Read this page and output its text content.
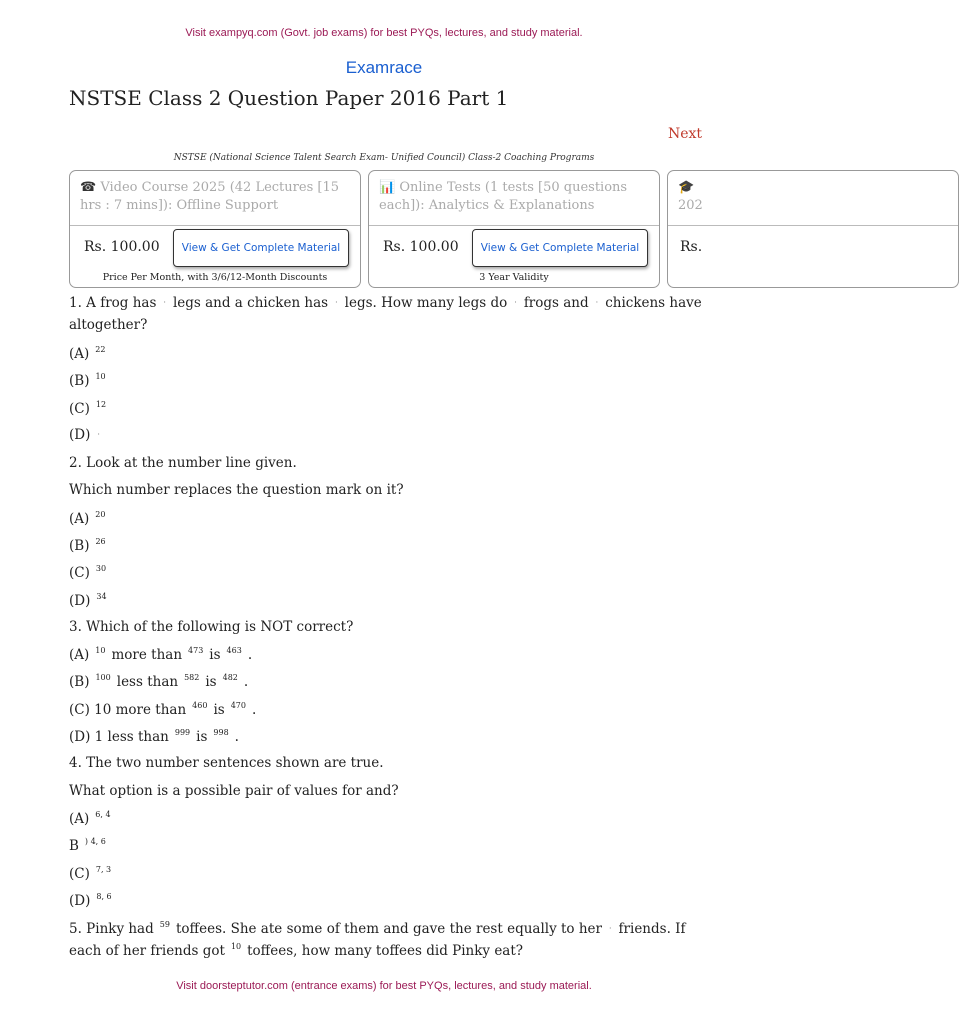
Visit exampyq.com (Govt. job exams) for best PYQs, lectures, and study material.
Examrace
NSTSE Class 2 Question Paper 2016 Part 1
Next
NSTSE (National Science Talent Search Exam- Unified Council) Class-2 Coaching Programs
☎ Video Course 2025 (42 Lectures [15 hrs : 7 mins]): Offline Support
Rs. 100.00	View & Get Complete Material
Price Per Month, with 3/6/12-Month Discounts
📊 Online Tests (1 tests [50 questions each]): Analytics & Explanations
Rs. 100.00	View & Get Complete Material
3 Year Validity
🎓
202
Rs.
1. A frog has · legs and a chicken has · legs. How many legs do · frogs and · chickens have
altogether?
(A) $^{22}$
(B) $^{10}$
(C) $^{12}$
(D) ·
2. Look at the number line given.
Which number replaces the question mark on it?
(A) $^{20}$
(B) $^{26}$
(C) $^{30}$
(D) $^{34}$
3. Which of the following is NOT correct?
(A) $^{10}$ more than $^{473}$ is $^{463}$ .
(B) $^{100}$ less than $^{582}$ is $^{482}$ .
(C) 10 more than $^{460}$ is $^{470}$ .
(D) 1 less than $^{999}$ is $^{998}$ .
4. The two number sentences shown are true.
What option is a possible pair of values for and?
(A) $^{6, 4}$
B $^{) 4, 6}$
(C) $^{7, 3}$
(D) $^{8, 6}$
5. Pinky had $^{59}$ toffees. She ate some of them and gave the rest equally to her · friends. If
each of her friends got $^{10}$ toffees, how many toffees did Pinky eat?
Visit doorsteptutor.com (entrance exams) for best PYQs, lectures, and study material.
